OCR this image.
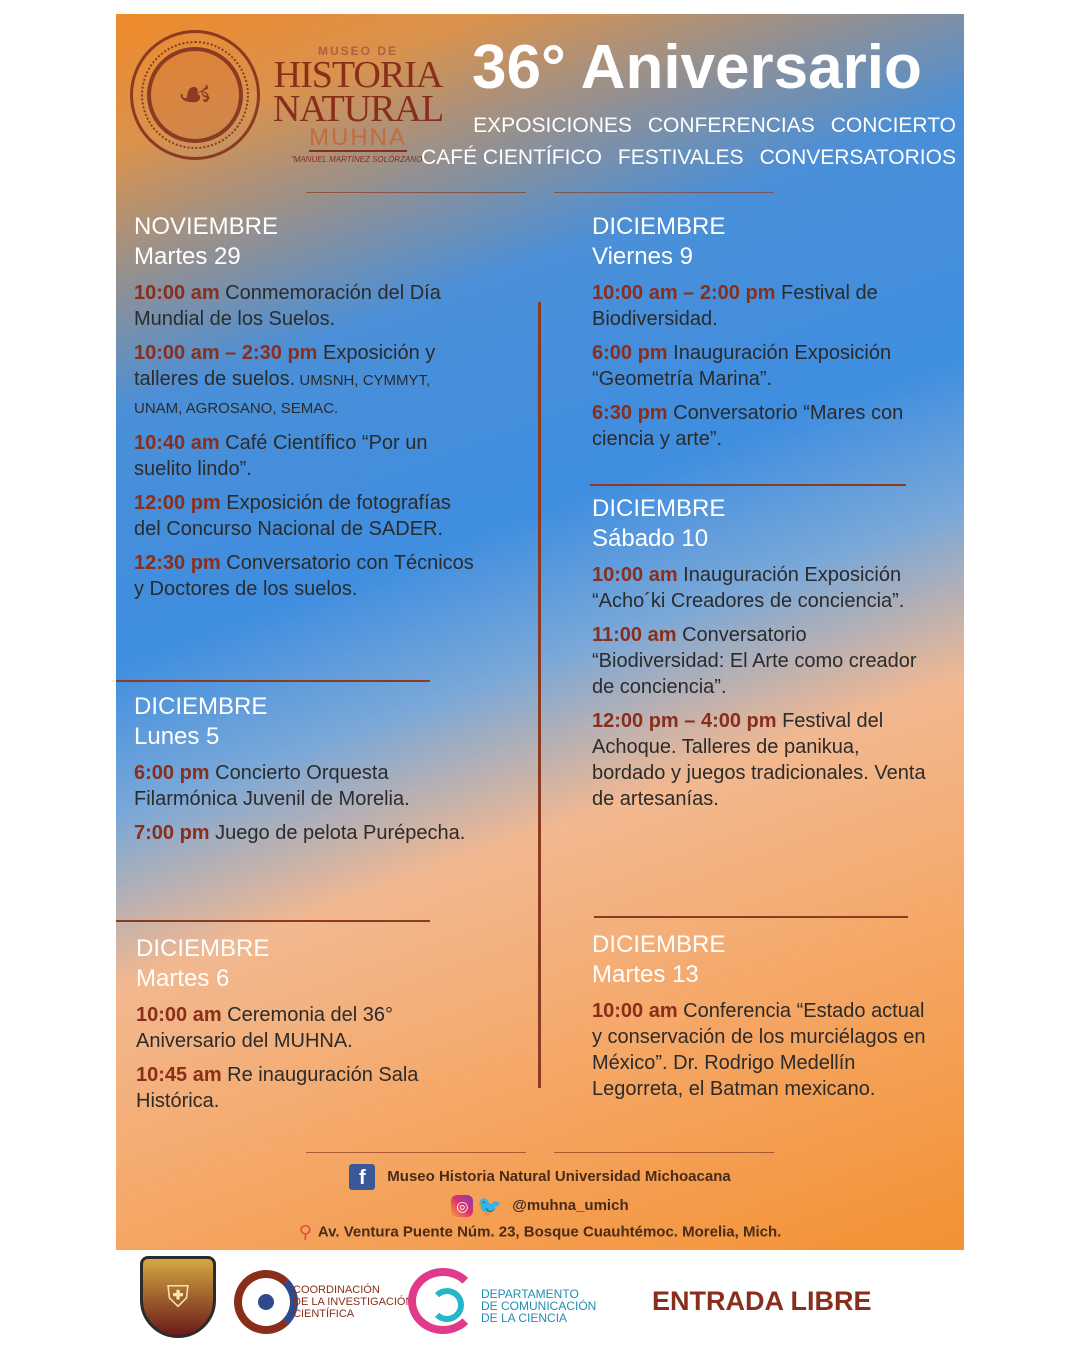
☙
MUSEO DE
HISTORIA
NATURAL
MUHNA
"MANUEL MARTÍNEZ SOLÓRZANO"
36° Aniversario
EXPOSICIONES CONFERENCIAS CONCIERTO
CAFÉ CIENTÍFICO FESTIVALES CONVERSATORIOS
NOVIEMBRE
Martes 29
10:00 am Conmemoración del Día Mundial de los Suelos.
10:00 am – 2:30 pm Exposición y talleres de suelos. UMSNH, CYMMYT, UNAM, AGROSANO, SEMAC.
10:40 am Café Científico “Por un suelito lindo”.
12:00 pm Exposición de fotografías del Concurso Nacional de SADER.
12:30 pm Conversatorio con Técnicos y Doctores de los suelos.
DICIEMBRE
Lunes 5
6:00 pm Concierto Orquesta Filarmónica Juvenil de Morelia.
7:00 pm Juego de pelota Purépecha.
DICIEMBRE
Martes 6
10:00 am Ceremonia del 36° Aniversario del MUHNA.
10:45 am Re inauguración Sala Histórica.
DICIEMBRE
Viernes 9
10:00 am – 2:00 pm Festival de Biodiversidad.
6:00 pm Inauguración Exposición “Geometría Marina”.
6:30 pm Conversatorio “Mares con ciencia y arte”.
DICIEMBRE
Sábado 10
10:00 am Inauguración Exposición “Acho´ki Creadores de conciencia”.
11:00 am Conversatorio “Biodiversidad: El Arte como creador de conciencia”.
12:00 pm – 4:00 pm Festival del Achoque. Talleres de panikua, bordado y juegos tradicionales. Venta de artesanías.
DICIEMBRE
Martes 13
10:00 am Conferencia “Estado actual y conservación de los murciélagos en México”. Dr. Rodrigo Medellín Legorreta, el Batman mexicano.
f Museo Historia Natural Universidad Michoacana
◎ 🐦 @muhna_umich
⚲ Av. Ventura Puente Núm. 23, Bosque Cuauhtémoc. Morelia, Mich.
⛨	COORDINACIÓN
DE LA INVESTIGACIÓN
CIENTÍFICA
DEPARTAMENTO
DE COMUNICACIÓN
DE LA CIENCIA
ENTRADA LIBRE
